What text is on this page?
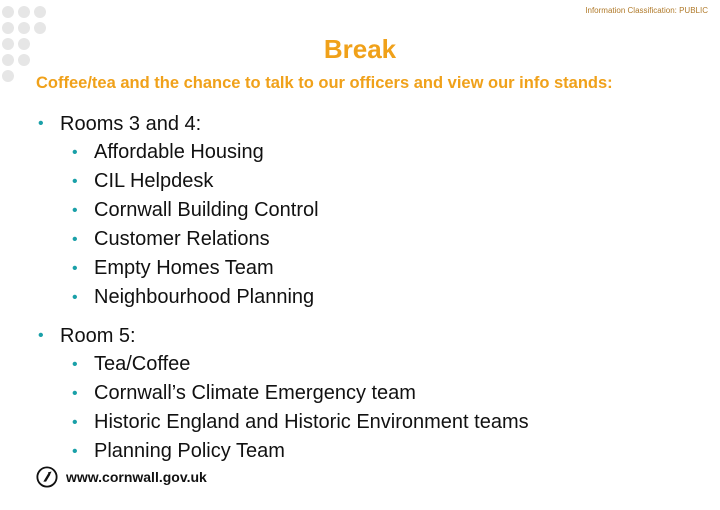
Information Classification: PUBLIC
Break
Coffee/tea and the chance to talk to our officers and view our info stands:
• Rooms 3 and 4:
• Affordable Housing
• CIL Helpdesk
• Cornwall Building Control
• Customer Relations
• Empty Homes Team
• Neighbourhood Planning
• Room 5:
• Tea/Coffee
• Cornwall’s Climate Emergency team
• Historic England and Historic Environment teams
• Planning Policy Team
www.cornwall.gov.uk
